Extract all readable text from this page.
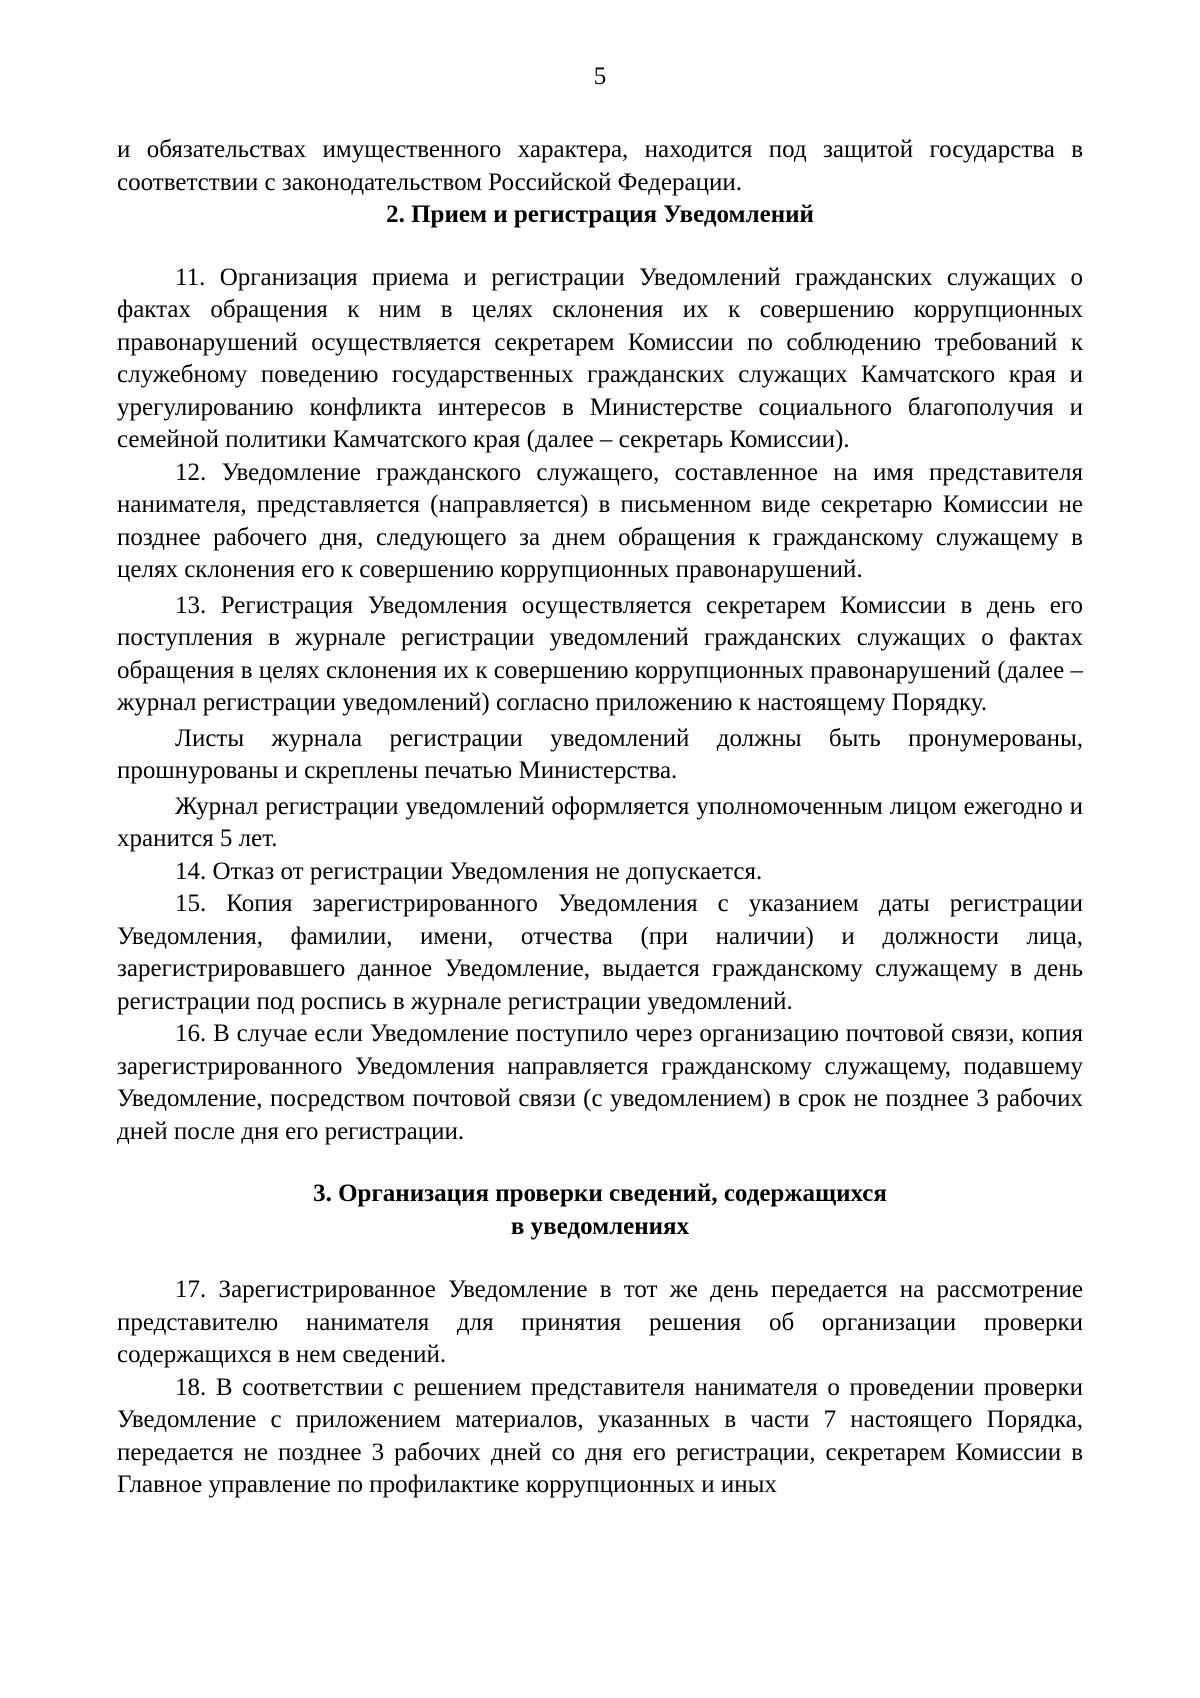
5

и обязательствах имущественного характера, находится под защитой государства в соответствии с законодательством Российской Федерации.

2. Прием и регистрация Уведомлений

11. Организация приема и регистрации Уведомлений гражданских служащих о фактах обращения к ним в целях склонения их к совершению коррупционных правонарушений осуществляется секретарем Комиссии по соблюдению требований к служебному поведению государственных гражданских служащих Камчатского края и урегулированию конфликта интересов в Министерстве социального благополучия и семейной политики Камчатского края (далее – секретарь Комиссии).

12. Уведомление гражданского служащего, составленное на имя представителя нанимателя, представляется (направляется) в письменном виде секретарю Комиссии не позднее рабочего дня, следующего за днем обращения к гражданскому служащему в целях склонения его к совершению коррупционных правонарушений.

13. Регистрация Уведомления осуществляется секретарем Комиссии в день его поступления в журнале регистрации уведомлений гражданских служащих о фактах обращения в целях склонения их к совершению коррупционных правонарушений (далее – журнал регистрации уведомлений) согласно приложению к настоящему Порядку.

Листы журнала регистрации уведомлений должны быть пронумерованы, прошнурованы и скреплены печатью Министерства.

Журнал регистрации уведомлений оформляется уполномоченным лицом ежегодно и хранится 5 лет.

14. Отказ от регистрации Уведомления не допускается.

15. Копия зарегистрированного Уведомления с указанием даты регистрации Уведомления, фамилии, имени, отчества (при наличии) и должности лица, зарегистрировавшего данное Уведомление, выдается гражданскому служащему в день регистрации под роспись в журнале регистрации уведомлений.

16. В случае если Уведомление поступило через организацию почтовой связи, копия зарегистрированного Уведомления направляется гражданскому служащему, подавшему Уведомление, посредством почтовой связи (с уведомлением) в срок не позднее 3 рабочих дней после дня его регистрации.

3. Организация проверки сведений, содержащихся
в уведомлениях

17. Зарегистрированное Уведомление в тот же день передается на рассмотрение представителю нанимателя для принятия решения об организации проверки содержащихся в нем сведений.

18. В соответствии с решением представителя нанимателя о проведении проверки Уведомление с приложением материалов, указанных в части 7 настоящего Порядка, передается не позднее 3 рабочих дней со дня его регистрации, секретарем Комиссии в Главное управление по профилактике коррупционных и иных
